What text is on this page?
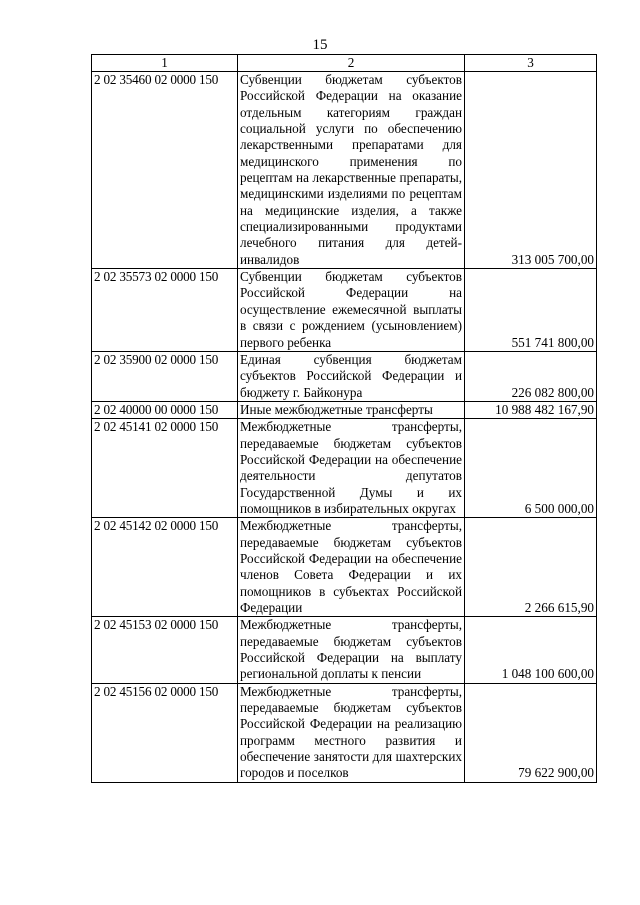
15
1	2	3
2 02 35460 02 0000 150	Субвенции бюджетам субъектов Российской Федерации на оказание отдельным категориям граждан социальной услуги по обеспечению лекарственными препаратами для медицинского применения по рецептам на лекарственные препараты, медицинскими изделиями по рецептам на медицинские изделия, а также специализированными продуктами лечебного питания для детей-инвалидов	313 005 700,00
2 02 35573 02 0000 150	Субвенции бюджетам субъектов Российской Федерации на осуществление ежемесячной выплаты в связи с рождением (усыновлением) первого ребенка	551 741 800,00
2 02 35900 02 0000 150	Единая субвенция бюджетам субъектов Российской Федерации и бюджету г. Байконура	226 082 800,00
2 02 40000 00 0000 150	Иные межбюджетные трансферты	10 988 482 167,90
2 02 45141 02 0000 150	Межбюджетные трансферты, передаваемые бюджетам субъектов Российской Федерации на обеспечение деятельности депутатов Государственной Думы и их помощников в избирательных округах	6 500 000,00
2 02 45142 02 0000 150	Межбюджетные трансферты, передаваемые бюджетам субъектов Российской Федерации на обеспечение членов Совета Федерации и их помощников в субъектах Российской Федерации	2 266 615,90
2 02 45153 02 0000 150	Межбюджетные трансферты, передаваемые бюджетам субъектов Российской Федерации на выплату региональной доплаты к пенсии	1 048 100 600,00
2 02 45156 02 0000 150	Межбюджетные трансферты, передаваемые бюджетам субъектов Российской Федерации на реализацию программ местного развития и обеспечение занятости для шахтерских городов и поселков	79 622 900,00
